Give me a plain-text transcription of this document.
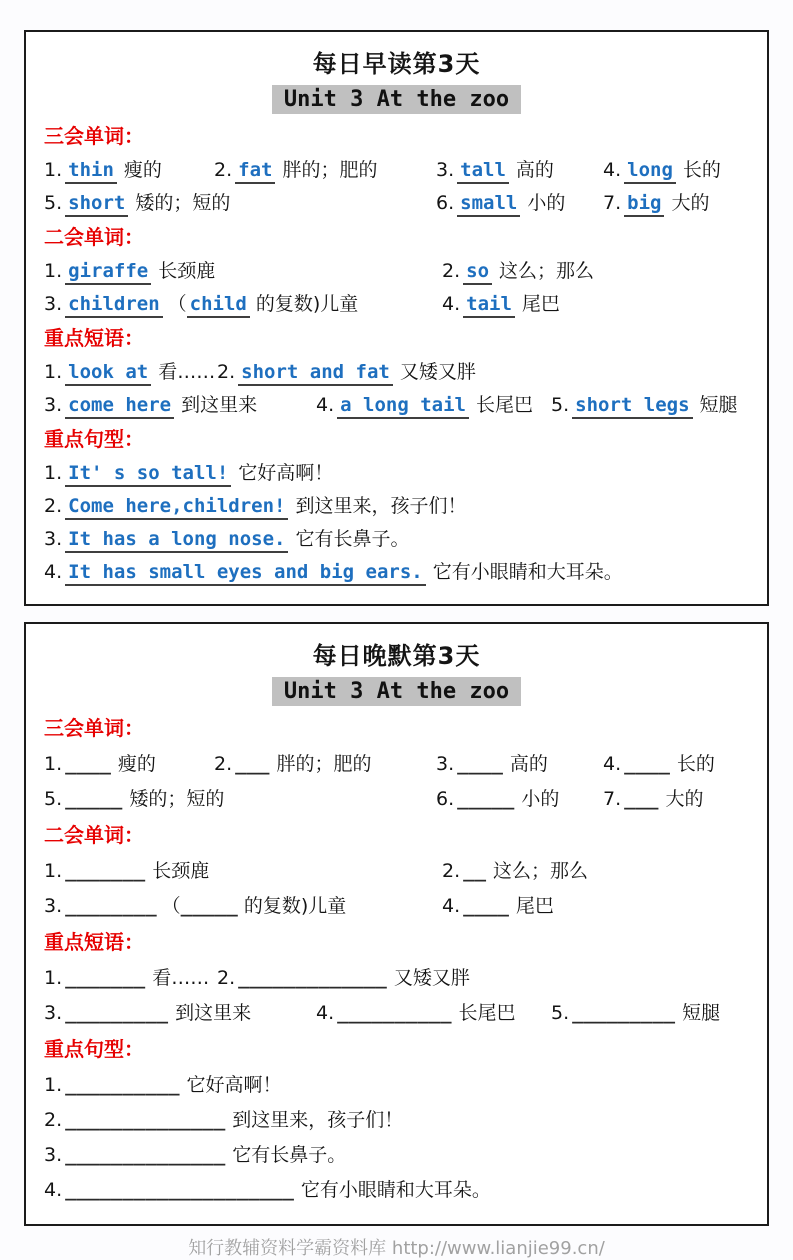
每日早读第3天
Unit 3 At the zoo
三会单词：
1. thin 瘦的	2. fat 胖的；肥的	3. tall 高的	4. long 长的
5. short 矮的；短的	6. small 小的	7. big 大的
二会单词：
1. giraffe 长颈鹿	2. so 这么；那么
3. children （ child 的复数)儿童	4. tail 尾巴
重点短语：
1. look at 看…… 2. short and fat 又矮又胖
3. come here 到这里来	4. a long tail 长尾巴 5. short legs 短腿
重点句型：
1. It' s so tall! 它好高啊！
2. Come here,children! 到这里来，孩子们！
3. It has a long nose. 它有长鼻子。
4. It has small eyes and big ears. 它有小眼睛和大耳朵。
每日晚默第3天
Unit 3 At the zoo
三会单词：
1. ____ 瘦的	2. ___ 胖的；肥的	3. ____ 高的	4. ____ 长的
5. _____ 矮的；短的	6. _____ 小的	7. ___ 大的
二会单词：
1. _______ 长颈鹿	2. __ 这么；那么
3. ________ （_____ 的复数)儿童	4. ____ 尾巴
重点短语：
1. _______ 看…… 2. _____________ 又矮又胖
3. _________ 到这里来	4. __________ 长尾巴	5. _________ 短腿
重点句型：
1. __________ 它好高啊！
2. ______________ 到这里来，孩子们！
3. ______________ 它有长鼻子。
4. ____________________ 它有小眼睛和大耳朵。
知行教辅资料学霸资料库 http://www.lianjie99.cn/
